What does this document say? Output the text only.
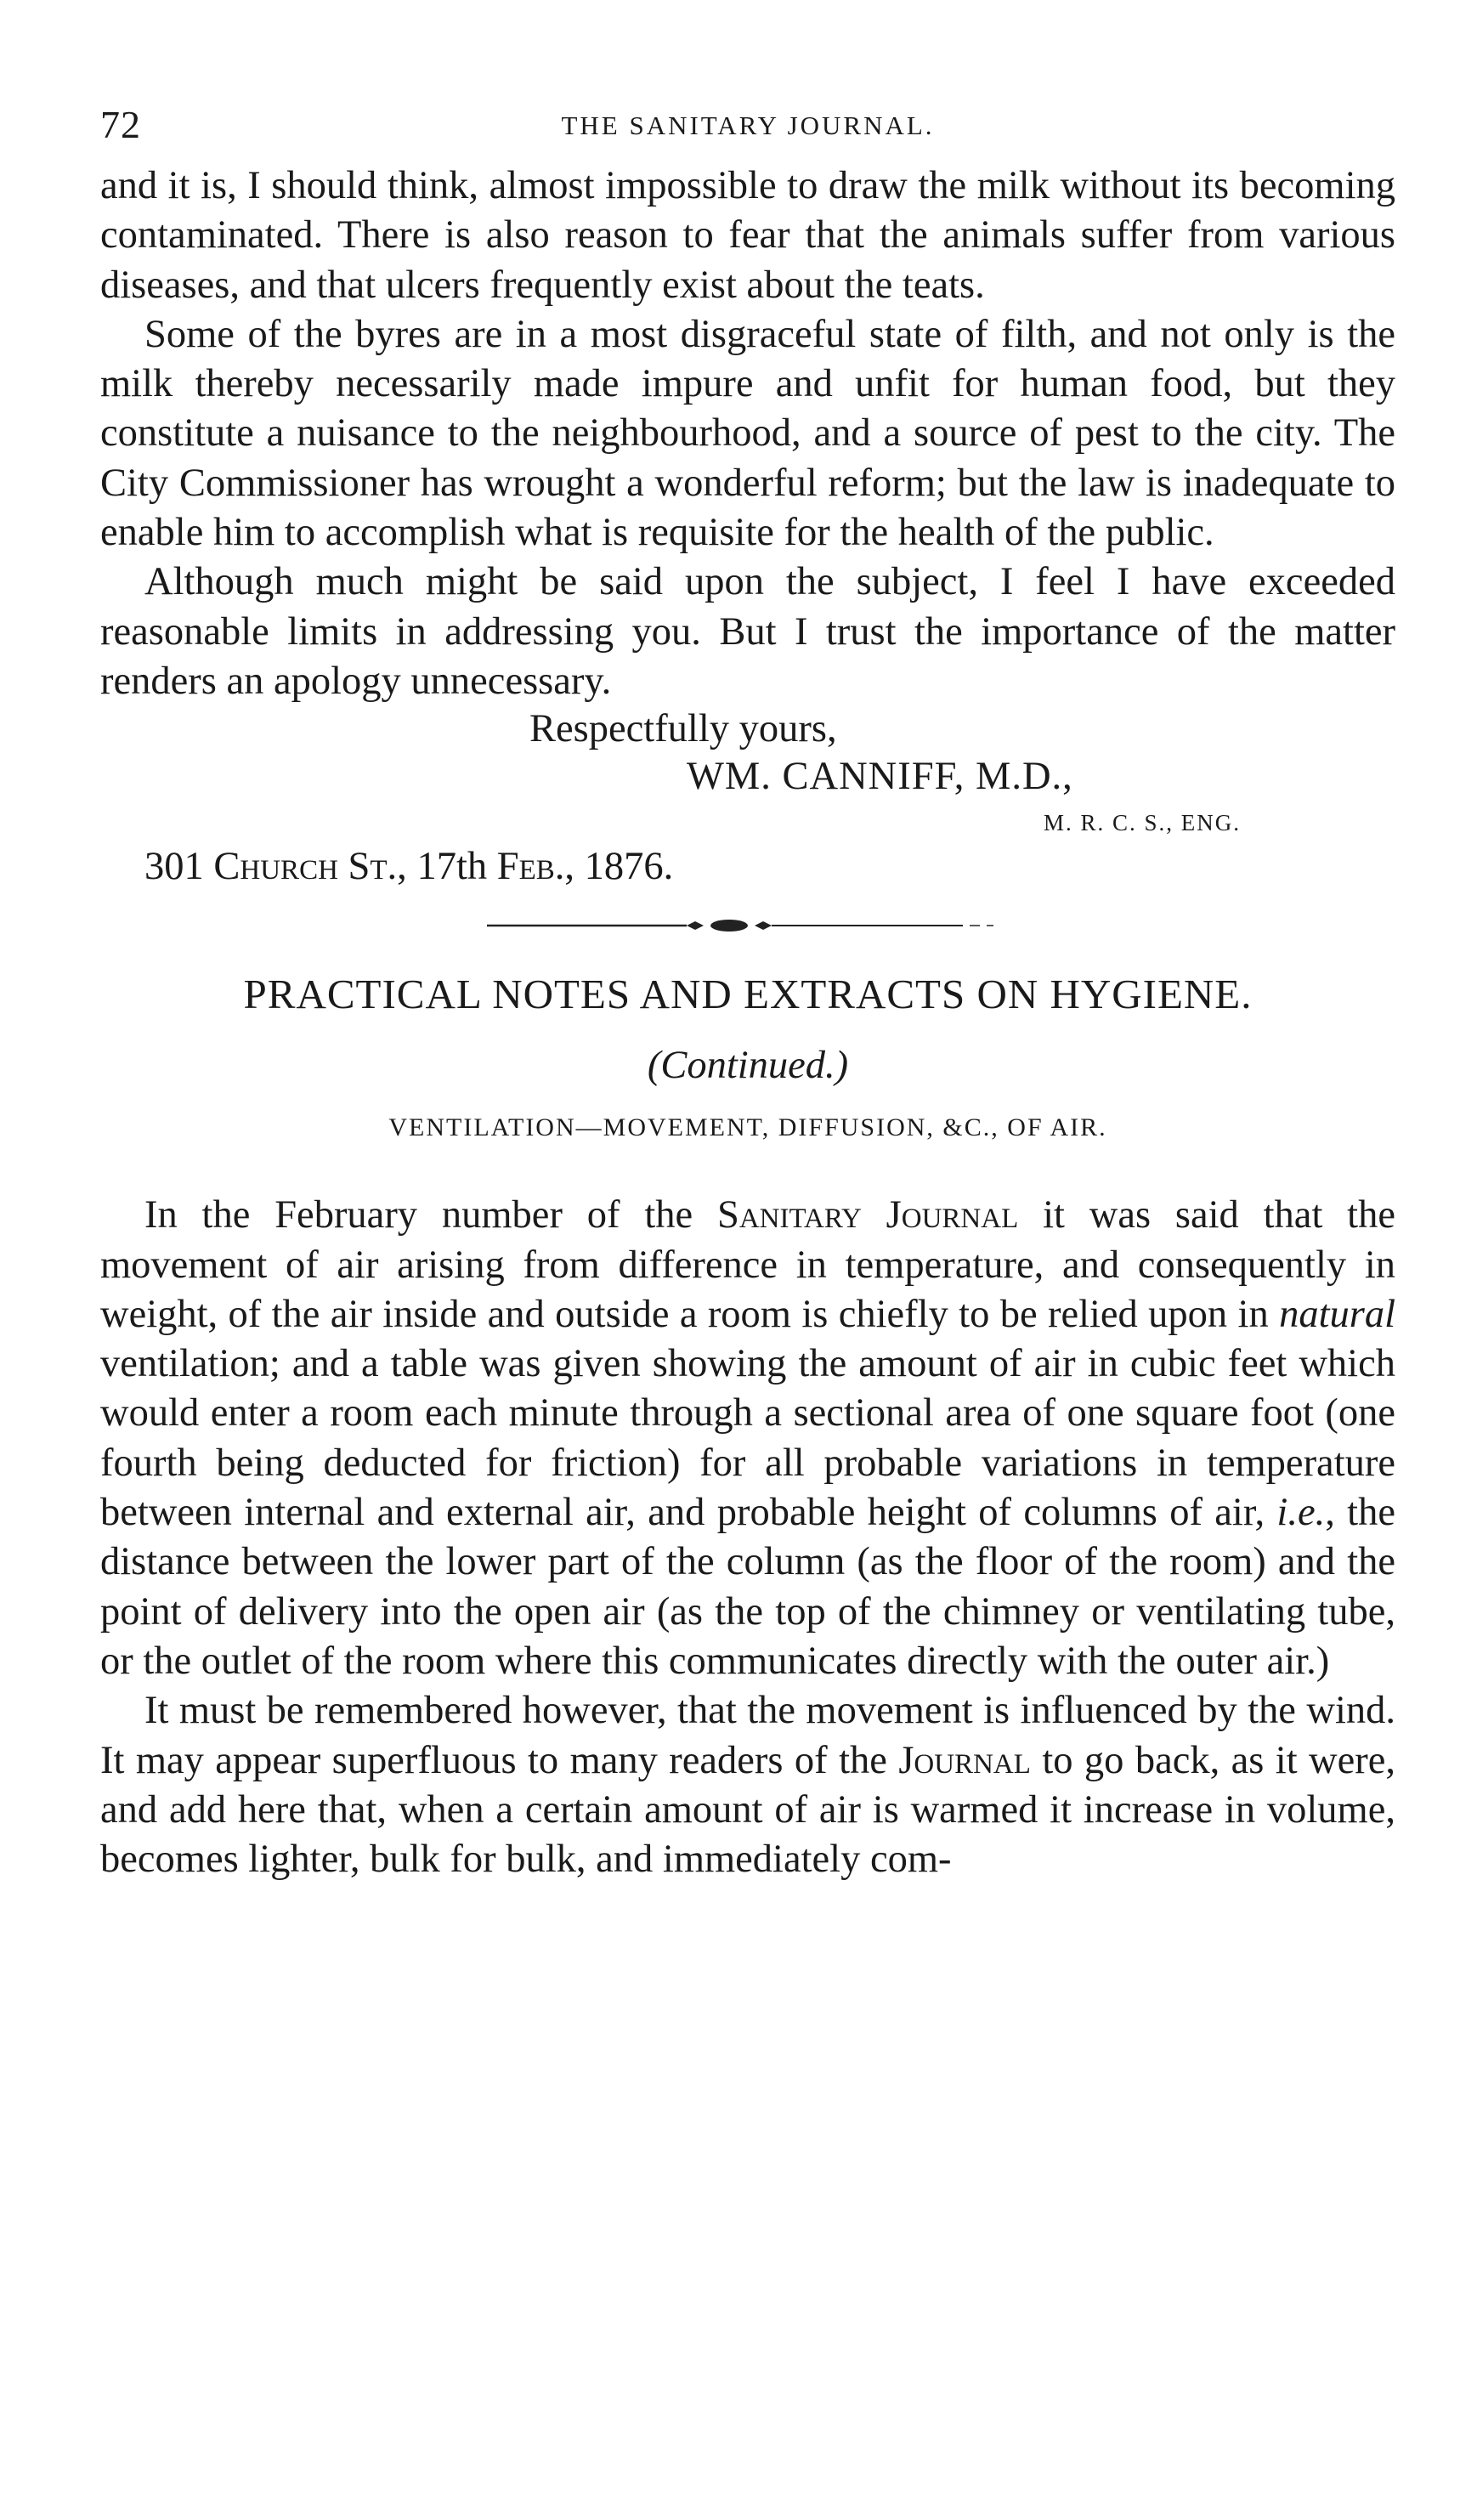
72	THE SANITARY JOURNAL.

and it is, I should think, almost impossible to draw the milk without its becoming contaminated. There is also reason to fear that the animals suffer from various diseases, and that ulcers frequently exist about the teats.

Some of the byres are in a most disgraceful state of filth, and not only is the milk thereby necessarily made impure and unfit for human food, but they constitute a nuisance to the neighbourhood, and a source of pest to the city. The City Commissioner has wrought a wonderful reform; but the law is inadequate to enable him to accomplish what is requisite for the health of the public.

Although much might be said upon the subject, I feel I have exceeded reasonable limits in addressing you. But I trust the importance of the matter renders an apology unnecessary.

Respectfully yours,
WM. CANNIFF, M.D.,
M. R. C. S., ENG.
301 Church St., 17th Feb., 1876.
PRACTICAL NOTES AND EXTRACTS ON HYGIENE.
(Continued.)
VENTILATION—MOVEMENT, DIFFUSION, &C., OF AIR.

In the February number of the Sanitary Journal it was said that the movement of air arising from difference in temperature, and consequently in weight, of the air inside and outside a room is chiefly to be relied upon in natural ventilation; and a table was given showing the amount of air in cubic feet which would enter a room each minute through a sectional area of one square foot (one fourth being deducted for friction) for all probable variations in temperature between internal and external air, and probable height of columns of air, i.e., the distance between the lower part of the column (as the floor of the room) and the point of delivery into the open air (as the top of the chimney or ventilating tube, or the outlet of the room where this communicates directly with the outer air.)

It must be remembered however, that the movement is influenced by the wind. It may appear superfluous to many readers of the Journal to go back, as it were, and add here that, when a certain amount of air is warmed it increase in volume, becomes lighter, bulk for bulk, and immediately com-
